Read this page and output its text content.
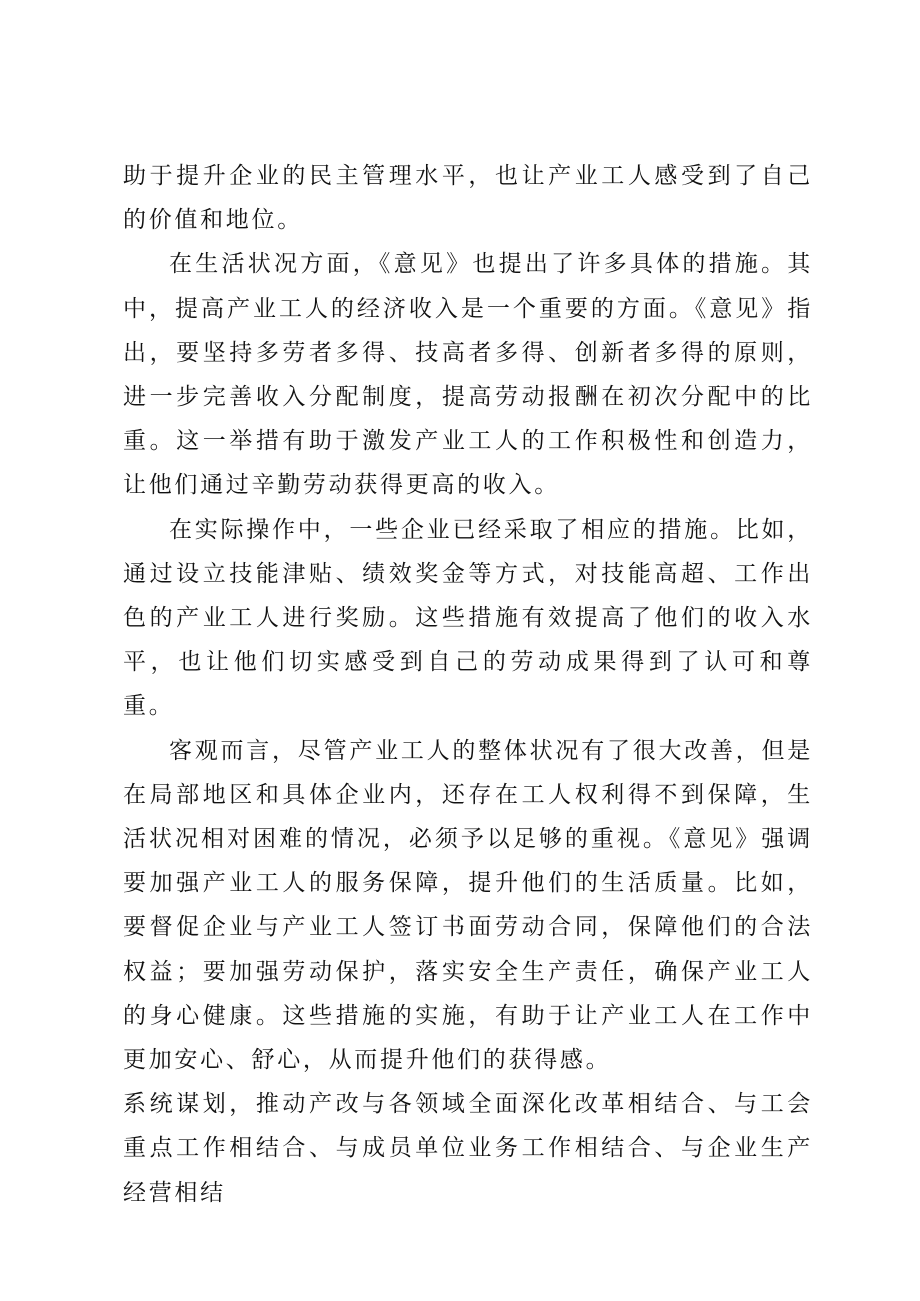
助于提升企业的民主管理水平，也让产业工人感受到了自己的价值和地位。

在生活状况方面，《意见》也提出了许多具体的措施。其中，提高产业工人的经济收入是一个重要的方面。《意见》指出，要坚持多劳者多得、技高者多得、创新者多得的原则，进一步完善收入分配制度，提高劳动报酬在初次分配中的比重。这一举措有助于激发产业工人的工作积极性和创造力，让他们通过辛勤劳动获得更高的收入。

在实际操作中，一些企业已经采取了相应的措施。比如，通过设立技能津贴、绩效奖金等方式，对技能高超、工作出色的产业工人进行奖励。这些措施有效提高了他们的收入水平，也让他们切实感受到自己的劳动成果得到了认可和尊重。

客观而言，尽管产业工人的整体状况有了很大改善，但是在局部地区和具体企业内，还存在工人权利得不到保障，生活状况相对困难的情况，必须予以足够的重视。《意见》强调要加强产业工人的服务保障，提升他们的生活质量。比如，要督促企业与产业工人签订书面劳动合同，保障他们的合法权益；要加强劳动保护，落实安全生产责任，确保产业工人的身心健康。这些措施的实施，有助于让产业工人在工作中更加安心、舒心，从而提升他们的获得感。

系统谋划，推动产改与各领域全面深化改革相结合、与工会重点工作相结合、与成员单位业务工作相结合、与企业生产经营相结
